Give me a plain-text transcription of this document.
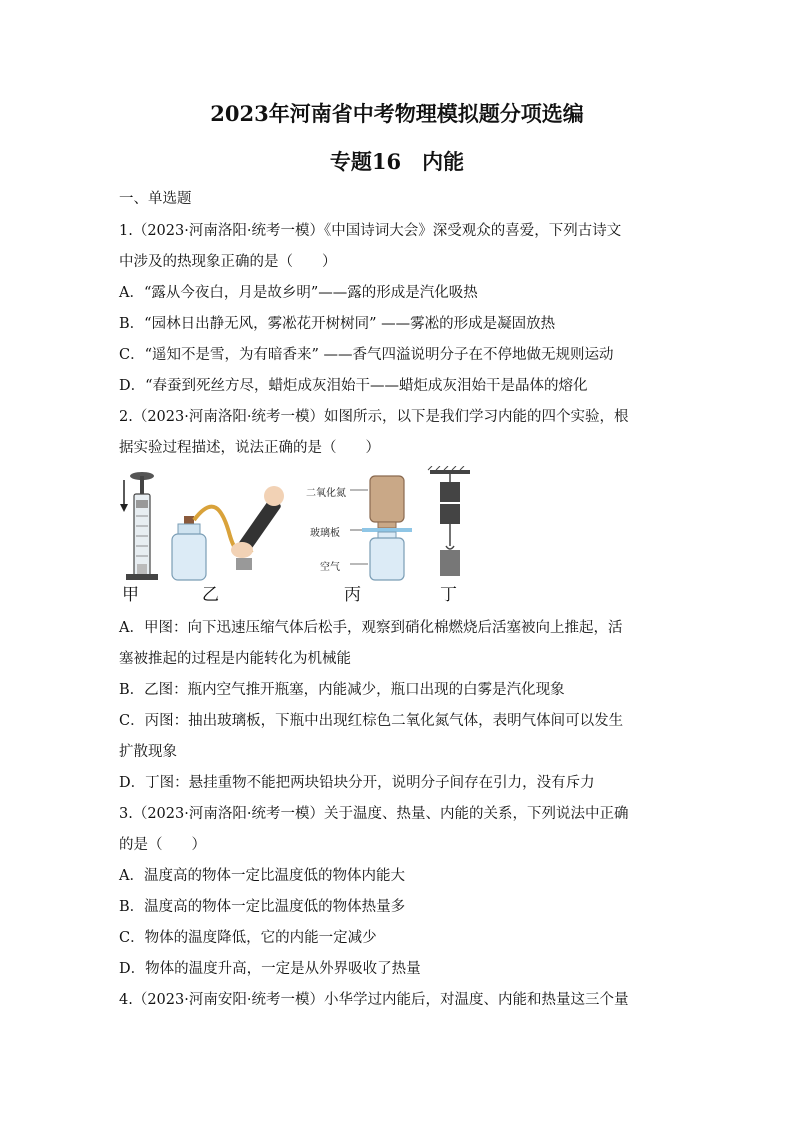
2023年河南省中考物理模拟题分项选编
专题16　内能
一、单选题
1.（2023·河南洛阳·统考一模）《中国诗词大会》深受观众的喜爱，下列古诗文
中涉及的热现象正确的是（　　）
A．“露从今夜白，月是故乡明”——露的形成是汽化吸热
B．“园林日出静无风，雾凇花开树树同” ——雾凇的形成是凝固放热
C．“遥知不是雪，为有暗香来” ——香气四溢说明分子在不停地做无规则运动
D．“春蚕到死丝方尽，蜡炬成灰泪始干——蜡炬成灰泪始干是晶体的熔化
2.（2023·河南洛阳·统考一模）如图所示，以下是我们学习内能的四个实验，根
据实验过程描述，说法正确的是（　　）
甲	乙	丙	丁
二氧化氮
玻璃板
空气
A．甲图：向下迅速压缩气体后松手，观察到硝化棉燃烧后活塞被向上推起，活
塞被推起的过程是内能转化为机械能
B．乙图：瓶内空气推开瓶塞，内能减少，瓶口出现的白雾是汽化现象
C．丙图：抽出玻璃板，下瓶中出现红棕色二氧化氮气体，表明气体间可以发生
扩散现象
D．丁图：悬挂重物不能把两块铅块分开，说明分子间存在引力，没有斥力
3.（2023·河南洛阳·统考一模）关于温度、热量、内能的关系，下列说法中正确
的是（　　）
A．温度高的物体一定比温度低的物体内能大
B．温度高的物体一定比温度低的物体热量多
C．物体的温度降低，它的内能一定减少
D．物体的温度升高，一定是从外界吸收了热量
4.（2023·河南安阳·统考一模）小华学过内能后，对温度、内能和热量这三个量
